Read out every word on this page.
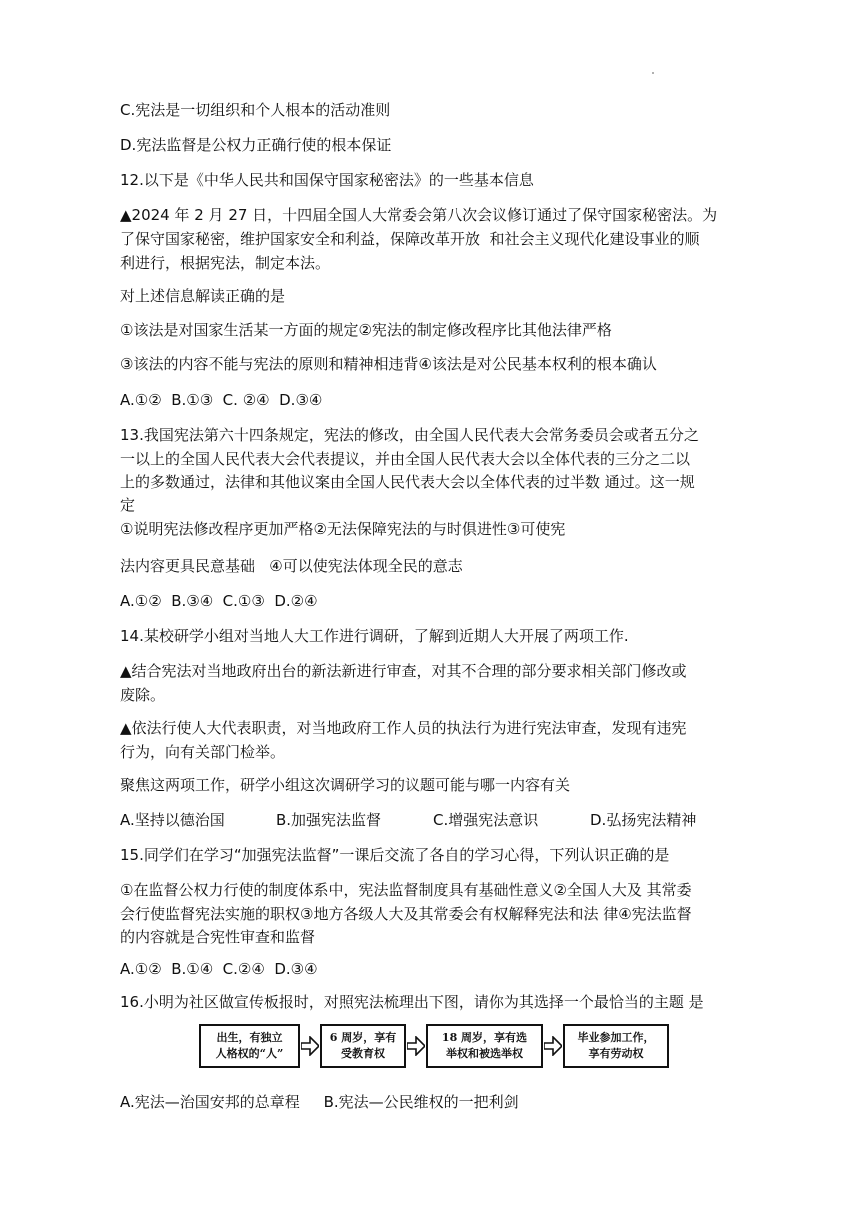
C.宪法是一切组织和个人根本的活动准则
D.宪法监督是公权力正确行使的根本保证
12.以下是《中华人民共和国保守国家秘密法》的一些基本信息
▲2024 年 2 月 27 日，十四届全国人大常委会第八次会议修订通过了保守国家秘密法。为
了保守国家秘密，维护国家安全和利益，保障改革开放  和社会主义现代化建设事业的顺
利进行，根据宪法，制定本法。
对上述信息解读正确的是
①该法是对国家生活某一方面的规定②宪法的制定修改程序比其他法律严格
③该法的内容不能与宪法的原则和精神相违背④该法是对公民基本权利的根本确认
A.①②  B.①③  C. ②④  D.③④
13.我国宪法第六十四条规定，宪法的修改，由全国人民代表大会常务委员会或者五分之
一以上的全国人民代表大会代表提议，并由全国人民代表大会以全体代表的三分之二以
上的多数通过，法律和其他议案由全国人民代表大会以全体代表的过半数 通过。这一规
定
①说明宪法修改程序更加严格②无法保障宪法的与时俱进性③可使宪
法内容更具民意基础   ④可以使宪法体现全民的意志
A.①②  B.③④  C.①③  D.②④
14.某校研学小组对当地人大工作进行调研，了解到近期人大开展了两项工作.
▲结合宪法对当地政府出台的新法新进行审查，对其不合理的部分要求相关部门修改或
废除。
▲依法行使人大代表职责，对当地政府工作人员的执法行为进行宪法审查，发现有违宪
行为，向有关部门检举。
聚焦这两项工作，研学小组这次调研学习的议题可能与哪一内容有关
A.坚持以德治国	B.加强宪法监督	C.增强宪法意识	D.弘扬宪法精神
15.同学们在学习“加强宪法监督”一课后交流了各自的学习心得，下列认识正确的是
①在监督公权力行使的制度体系中，宪法监督制度具有基础性意义②全国人大及 其常委
会行使监督宪法实施的职权③地方各级人大及其常委会有权解释宪法和法 律④宪法监督
的内容就是合宪性审查和监督
A.①②  B.①④  C.②④  D.③④
16.小明为社区做宣传板报时，对照宪法梳理出下图，请你为其选择一个最恰当的主题 是
出生，有独立
人格权的“人”
6 周岁，享有
受教育权
18 周岁，享有选
举权和被选举权
毕业参加工作，
享有劳动权
A.宪法—治国安邦的总章程     B.宪法—公民维权的一把利剑
